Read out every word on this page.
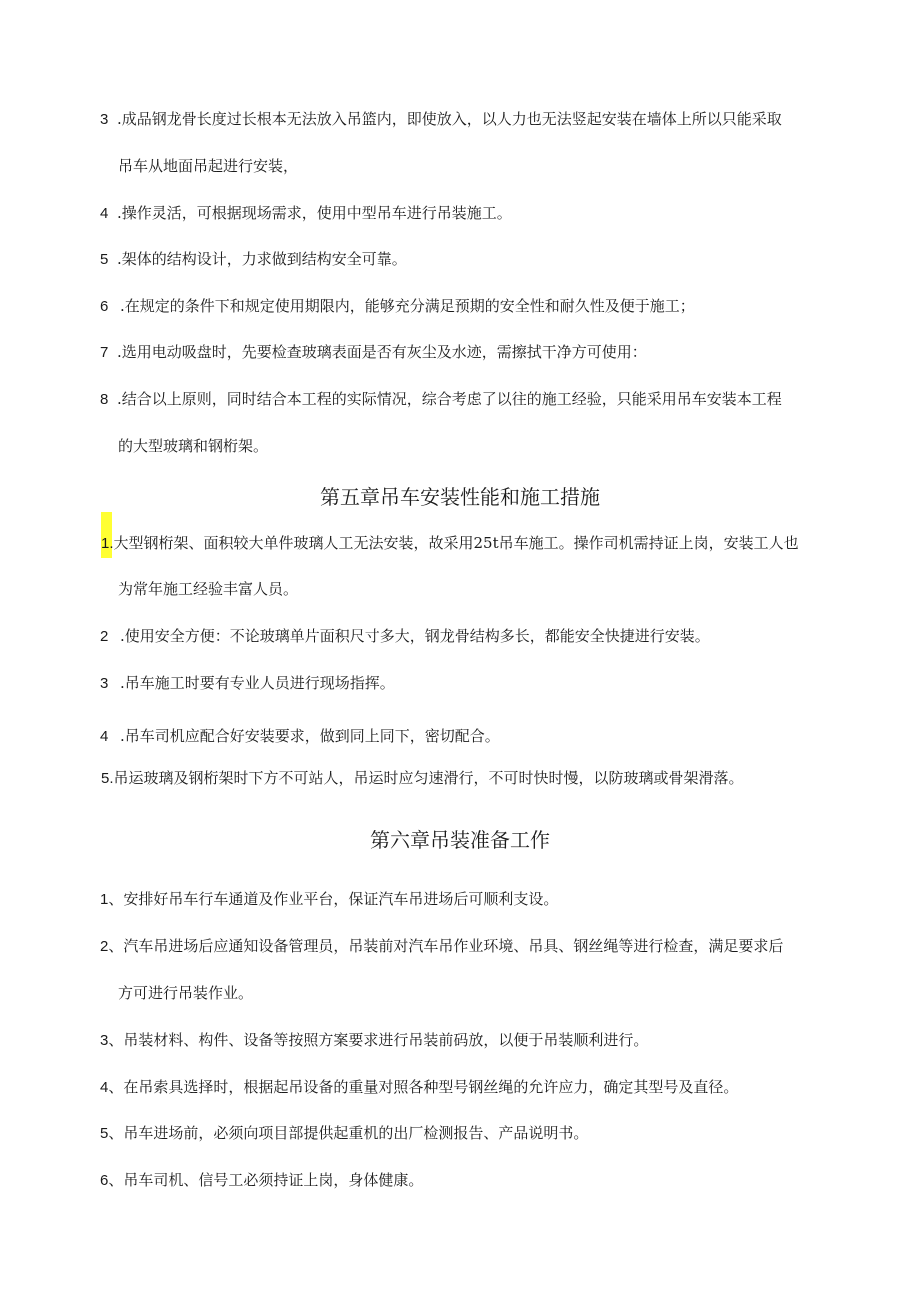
3 .成品钢龙骨长度过长根本无法放入吊篮内，即使放入，以人力也无法竖起安装在墙体上所以只能采取
吊车从地面吊起进行安装，
4 .操作灵活，可根据现场需求，使用中型吊车进行吊装施工。
5 .架体的结构设计，力求做到结构安全可靠。
6 .在规定的条件下和规定使用期限内，能够充分满足预期的安全性和耐久性及便于施工；
7 .选用电动吸盘时，先要检查玻璃表面是否有灰尘及水迹，需擦拭干净方可使用：
8 .结合以上原则，同时结合本工程的实际情况，综合考虑了以往的施工经验，只能采用吊车安装本工程
的大型玻璃和钢桁架。
第五章吊车安装性能和施工措施
1.大型钢桁架、面积较大单件玻璃人工无法安装，故采用25t吊车施工。操作司机需持证上岗，安装工人也
为常年施工经验丰富人员。
2 .使用安全方便：不论玻璃单片面积尺寸多大，钢龙骨结构多长，都能安全快捷进行安装。
3 .吊车施工时要有专业人员进行现场指挥。
4 .吊车司机应配合好安装要求，做到同上同下，密切配合。
5.吊运玻璃及钢桁架时下方不可站人，吊运时应匀速滑行，不可时快时慢，以防玻璃或骨架滑落。
第六章吊装准备工作
1、安排好吊车行车通道及作业平台，保证汽车吊进场后可顺利支设。
2、汽车吊进场后应通知设备管理员，吊装前对汽车吊作业环境、吊具、钢丝绳等进行检查，满足要求后
方可进行吊装作业。
3、吊装材料、构件、设备等按照方案要求进行吊装前码放，以便于吊装顺利进行。
4、在吊索具选择时，根据起吊设备的重量对照各种型号钢丝绳的允许应力，确定其型号及直径。
5、吊车进场前，必须向项目部提供起重机的出厂检测报告、产品说明书。
6、吊车司机、信号工必须持证上岗，身体健康。
